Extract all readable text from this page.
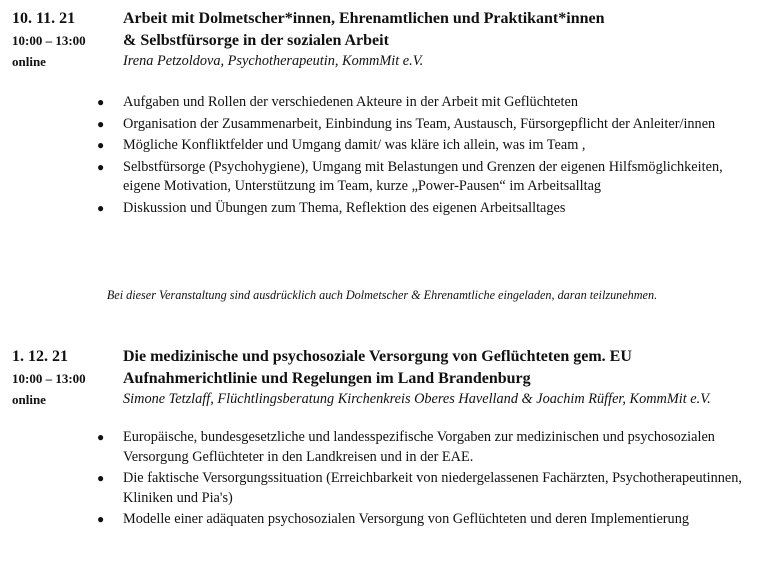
10. 11. 21
10:00 – 13:00
online
Arbeit mit Dolmetscher*innen, Ehrenamtlichen und Praktikant*innen
& Selbstfürsorge in der sozialen Arbeit
Irena Petzoldova, Psychotherapeutin, KommMit e.V.
● Aufgaben und Rollen der verschiedenen Akteure in der Arbeit mit Geflüchteten
● Organisation der Zusammenarbeit, Einbindung ins Team, Austausch, Fürsorgepflicht der Anleiter/innen
● Mögliche Konfliktfelder und Umgang damit/ was kläre ich allein, was im Team ,
● Selbstfürsorge (Psychohygiene), Umgang mit Belastungen und Grenzen der eigenen Hilfsmöglichkeiten, eigene Motivation, Unterstützung im Team, kurze „Power-Pausen“ im Arbeitsalltag
● Diskussion und Übungen zum Thema, Reflektion des eigenen Arbeitsalltages
Bei dieser Veranstaltung sind ausdrücklich auch Dolmetscher & Ehrenamtliche eingeladen, daran teilzunehmen.
1. 12. 21
10:00 – 13:00
online
Die medizinische und psychosoziale Versorgung von Geflüchteten gem. EU
Aufnahmerichtlinie und Regelungen im Land Brandenburg
Simone Tetzlaff, Flüchtlingsberatung Kirchenkreis Oberes Havelland & Joachim Rüffer, KommMit e.V.
● Europäische, bundesgesetzliche und landesspezifische Vorgaben zur medizinischen und psychosozialen Versorgung Geflüchteter in den Landkreisen und in der EAE.
● Die faktische Versorgungssituation (Erreichbarkeit von niedergelassenen Fachärzten, Psychotherapeutinnen, Kliniken und Pia's)
● Modelle einer adäquaten psychosozialen Versorgung von Geflüchteten und deren Implementierung
